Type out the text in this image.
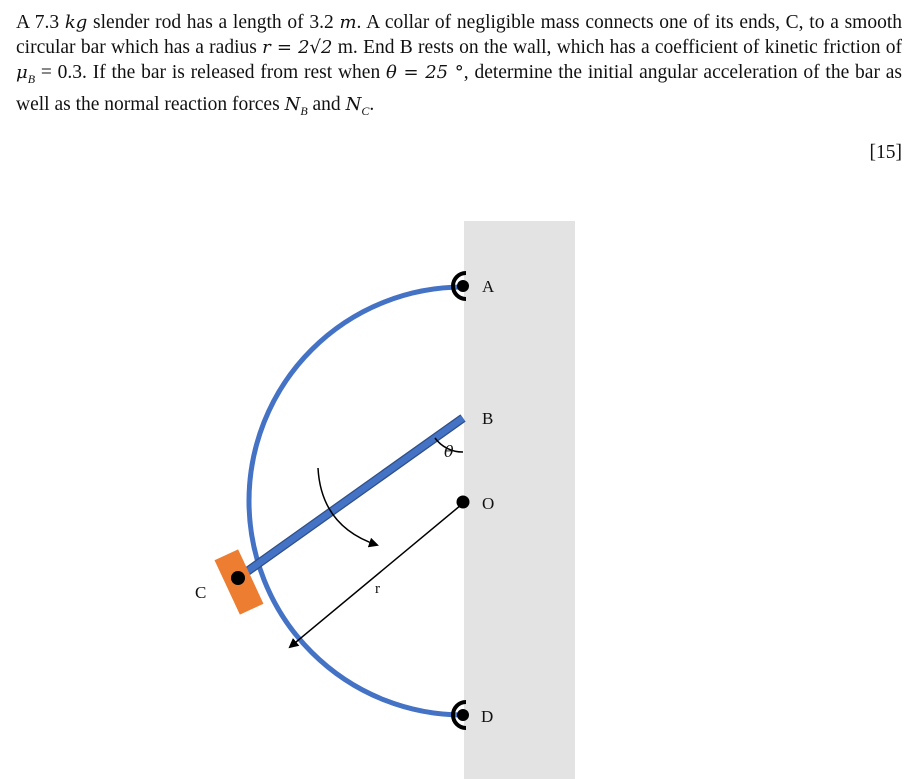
A 7.3 kg slender rod has a length of 3.2 m. A collar of negligible mass connects one of its ends, C, to a smooth circular bar which has a radius r = 2√2 m. End B rests on the wall, which has a coefficient of kinetic friction of $\mu_B = 0.3$. If the bar is released from rest when θ = 25 °, determine the initial angular acceleration of the bar as well as the normal reaction forces $N_B$ and $N_C$.

[15]
A
B
O
C
D
r
θ
